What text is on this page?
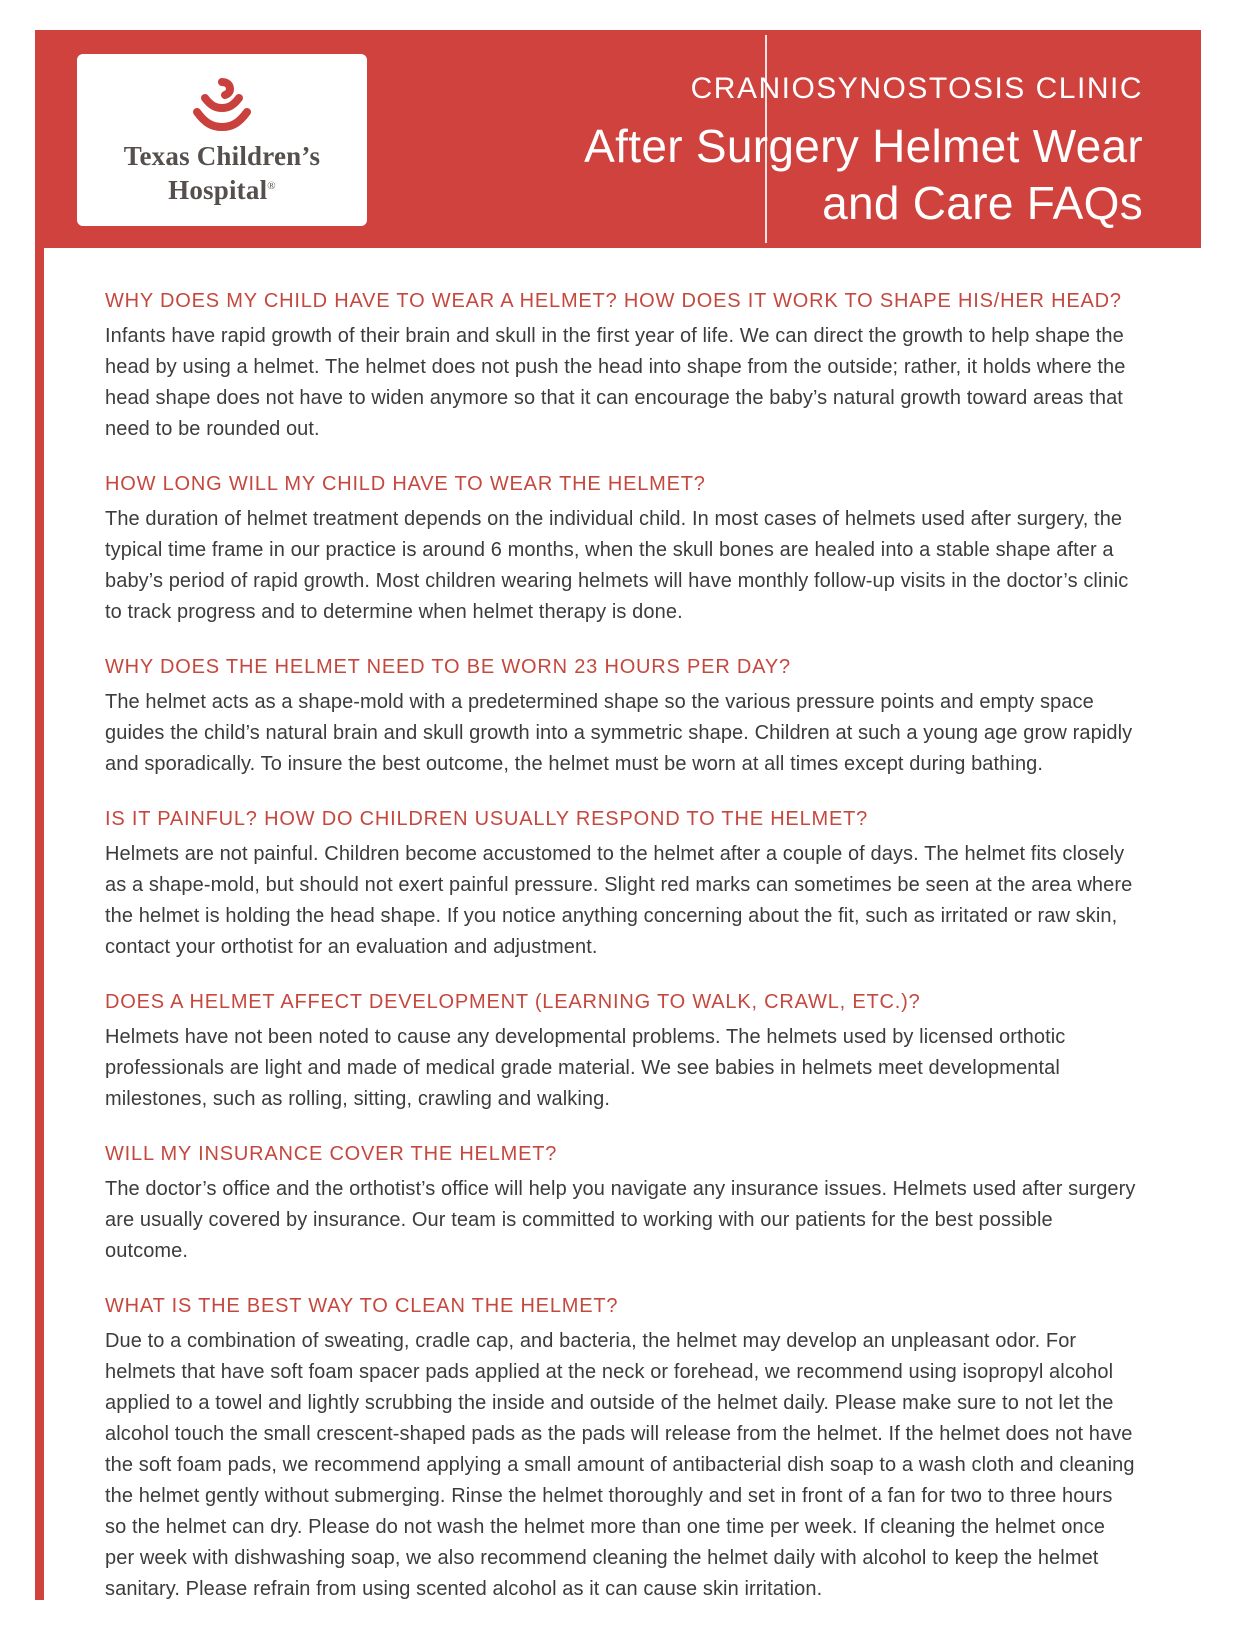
Texas Children’s
Hospital®
CRANIOSYNOSTOSIS CLINIC
After Surgery Helmet Wear
and Care FAQs
WHY DOES MY CHILD HAVE TO WEAR A HELMET? HOW DOES IT WORK TO SHAPE HIS/HER HEAD?

Infants have rapid growth of their brain and skull in the first year of life. We can direct the growth to help shape the head by using a helmet. The helmet does not push the head into shape from the outside; rather, it holds where the head shape does not have to widen anymore so that it can encourage the baby’s natural growth toward areas that need to be rounded out.

HOW LONG WILL MY CHILD HAVE TO WEAR THE HELMET?

The duration of helmet treatment depends on the individual child. In most cases of helmets used after surgery, the typical time frame in our practice is around 6 months, when the skull bones are healed into a stable shape after a baby’s period of rapid growth. Most children wearing helmets will have monthly follow-up visits in the doctor’s clinic to track progress and to determine when helmet therapy is done.

WHY DOES THE HELMET NEED TO BE WORN 23 HOURS PER DAY?

The helmet acts as a shape-mold with a predetermined shape so the various pressure points and empty space guides the child’s natural brain and skull growth into a symmetric shape. Children at such a young age grow rapidly and sporadically. To insure the best outcome, the helmet must be worn at all times except during bathing.

IS IT PAINFUL? HOW DO CHILDREN USUALLY RESPOND TO THE HELMET?

Helmets are not painful. Children become accustomed to the helmet after a couple of days. The helmet fits closely as a shape-mold, but should not exert painful pressure. Slight red marks can sometimes be seen at the area where the helmet is holding the head shape. If you notice anything concerning about the fit, such as irritated or raw skin, contact your orthotist for an evaluation and adjustment.

DOES A HELMET AFFECT DEVELOPMENT (LEARNING TO WALK, CRAWL, ETC.)?

Helmets have not been noted to cause any developmental problems. The helmets used by licensed orthotic professionals are light and made of medical grade material. We see babies in helmets meet developmental milestones, such as rolling, sitting, crawling and walking.

WILL MY INSURANCE COVER THE HELMET?

The doctor’s office and the orthotist’s office will help you navigate any insurance issues. Helmets used after surgery are usually covered by insurance. Our team is committed to working with our patients for the best possible outcome.

WHAT IS THE BEST WAY TO CLEAN THE HELMET?

Due to a combination of sweating, cradle cap, and bacteria, the helmet may develop an unpleasant odor. For helmets that have soft foam spacer pads applied at the neck or forehead, we recommend using isopropyl alcohol applied to a towel and lightly scrubbing the inside and outside of the helmet daily. Please make sure to not let the alcohol touch the small crescent-shaped pads as the pads will release from the helmet. If the helmet does not have the soft foam pads, we recommend applying a small amount of antibacterial dish soap to a wash cloth and cleaning the helmet gently without submerging. Rinse the helmet thoroughly and set in front of a fan for two to three hours so the helmet can dry. Please do not wash the helmet more than one time per week. If cleaning the helmet once per week with dishwashing soap, we also recommend cleaning the helmet daily with alcohol to keep the helmet sanitary. Please refrain from using scented alcohol as it can cause skin irritation.
